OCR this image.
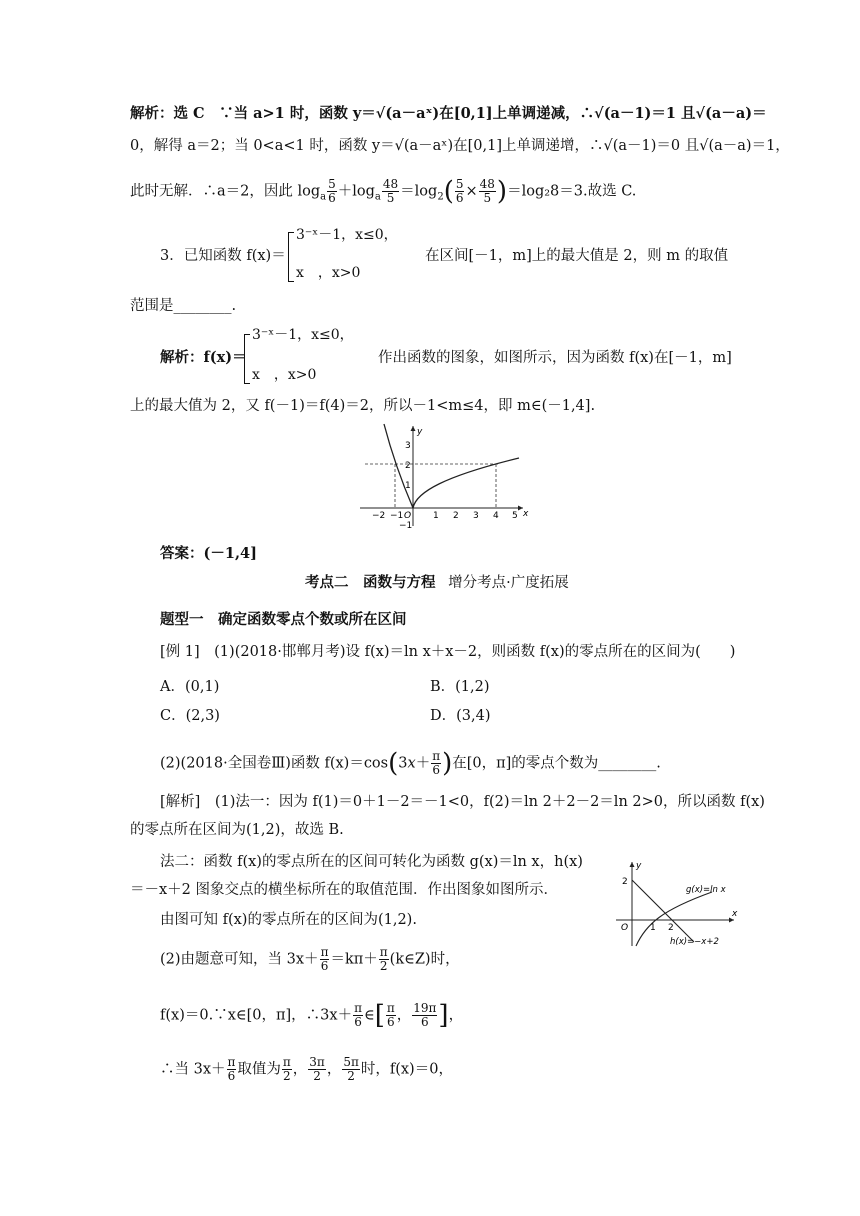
解析：选 C　∵当 a>1 时，函数 y＝√(a－aˣ)在[0,1]上单调递减，∴√(a－1)＝1 且√(a－a)＝
0，解得 a＝2；当 0<a<1 时，函数 y＝√(a－aˣ)在[0,1]上单调递增，∴√(a－1)＝0 且√(a－a)＝1，
此时无解．∴a＝2，因此 $\log_a \frac{5}{6} +\log_a \frac{48}{5} =\log_2( \frac{5}{6} \times \frac{48}{5} )=\log_28=3$.故选 C.
3．已知函数 f(x)＝
3⁻ˣ－1，x≤0，
x　，x>0
在区间[－1，m]上的最大值是 2，则 m 的取值
范围是________.
解析：f(x)＝
3⁻ˣ－1，x≤0，
x　，x>0
作出函数的图象，如图所示，因为函数 f(x)在[－1，m]
上的最大值为 2，又 f(－1)＝f(4)＝2，所以－1<m≤4，即 m∈(－1,4].
−2 −1 O 1 2 3 4 5 x
3
2
1
−1
y
答案：(－1,4]
考点二　函数与方程 增分考点·广度拓展
题型一　确定函数零点个数或所在区间
[例 1]　(1)(2018·邯郸月考)设 f(x)＝ln x＋x－2，则函数 f(x)的零点所在的区间为(　　)
A．(0,1)	B．(1,2)
C．(2,3)	D．(3,4)
(2)(2018·全国卷Ⅲ)函数 $f(x)=\cos(3x+ \frac{\pi}{6}$ )在[0，π]的零点个数为________.
[解析]　(1)法一：因为 f(1)＝0＋1－2＝－1<0，f(2)＝ln 2＋2－2＝ln 2>0，所以函数 f(x)
的零点所在区间为(1,2)，故选 B.
法二：函数 f(x)的零点所在的区间可转化为函数 g(x)＝ln x，h(x)
＝－x＋2 图象交点的横坐标所在的取值范围．作出图象如图所示．
由图可知 f(x)的零点所在的区间为(1,2).
(2)由题意可知，当 $3x+ \frac{\pi}{6} =k\pi+ \frac{\pi}{2}$ (k∈Z)时，
f(x)＝0.∵x∈[0，π]，∴3x＋ $\frac{\pi}{6}$ ∈[ $\frac{\pi}{6}$ ， $\frac{19\pi}{6}$ ]，
∴当 $3x+ \frac{\pi}{6}$ 取值为 $\frac{\pi}{2}$ ， $\frac{3\pi}{2}$ ， $\frac{5\pi}{2}$ 时，f(x)＝0，
2
O 1 2
x
y
g(x)=ln x
h(x)=−x+2
